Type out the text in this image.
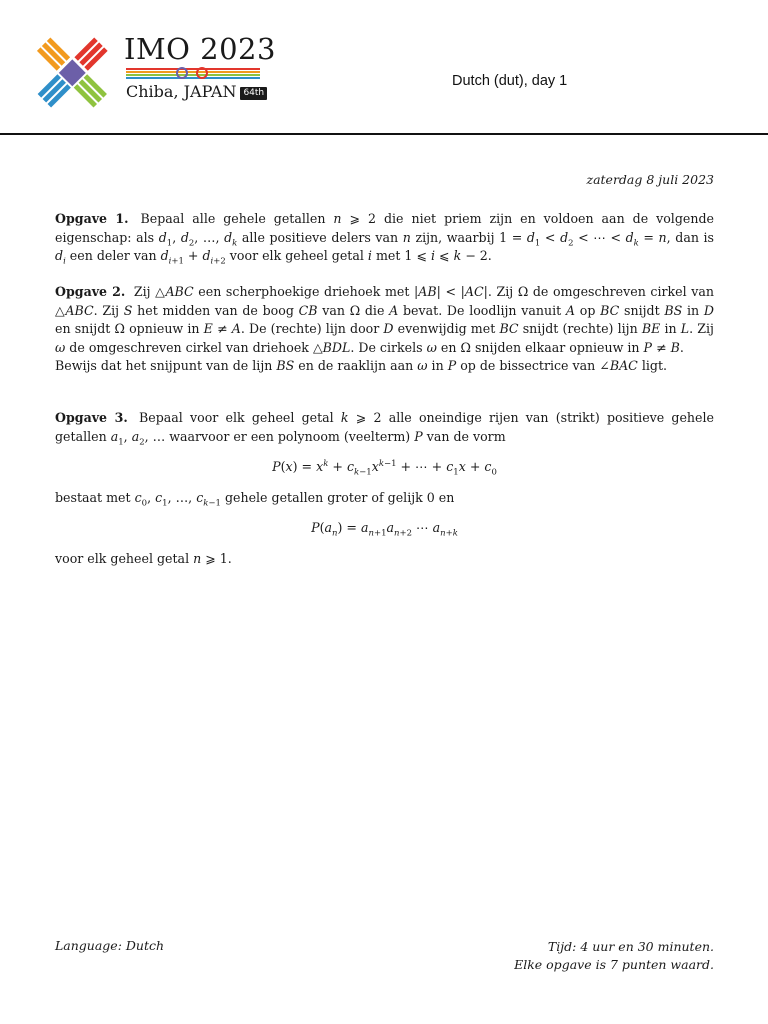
IMO 2023
Chiba, JAPAN 64th
Dutch (dut), day 1
zaterdag 8 juli 2023
Opgave 1. Bepaal alle gehele getallen n ⩾ 2 die niet priem zijn en voldoen aan de volgende eigenschap: als $d_1$, $d_2$, …, $d_k$ alle positieve delers van n zijn, waarbij $1 = d_1 < d_2$ < ⋯ < $d_k = n$, dan is $d_i$ een deler van $d_{i+1} + d_{i+2}$ voor elk geheel getal i met 1 ⩽ i ⩽ k − 2.
Opgave 2. Zij △ABC een scherphoekige driehoek met |AB| < |AC|. Zij Ω de omgeschreven cirkel van △ABC. Zij S het midden van de boog CB van Ω die A bevat. De loodlijn vanuit A op BC snijdt BS in D en snijdt Ω opnieuw in E ≠ A. De (rechte) lijn door D evenwijdig met BC snijdt (rechte) lijn BE in L. Zij ω de omgeschreven cirkel van driehoek △BDL. De cirkels ω en Ω snijden elkaar opnieuw in P ≠ B.
Bewijs dat het snijpunt van de lijn BS en de raaklijn aan ω in P op de bissectrice van ∠BAC ligt.
Opgave 3. Bepaal voor elk geheel getal k ⩾ 2 alle oneindige rijen van (strikt) positieve gehele getallen $a_1$, $a_2$, … waarvoor er een polynoom (veelterm) P van de vorm
$P(x) = x^k + c_{k-1}x^{k-1}$ + ⋯ + $c_1x + c_0$
bestaat met $c_0$, $c_1$, …, $c_{k-1}$ gehele getallen groter of gelijk 0 en
$P(a_n) = a_{n+1}a_{n+2}$ ⋯ $a_{n+k}$
voor elk geheel getal n ⩾ 1.
Language: Dutch	Tijd: 4 uur en 30 minuten.
Elke opgave is 7 punten waard.
